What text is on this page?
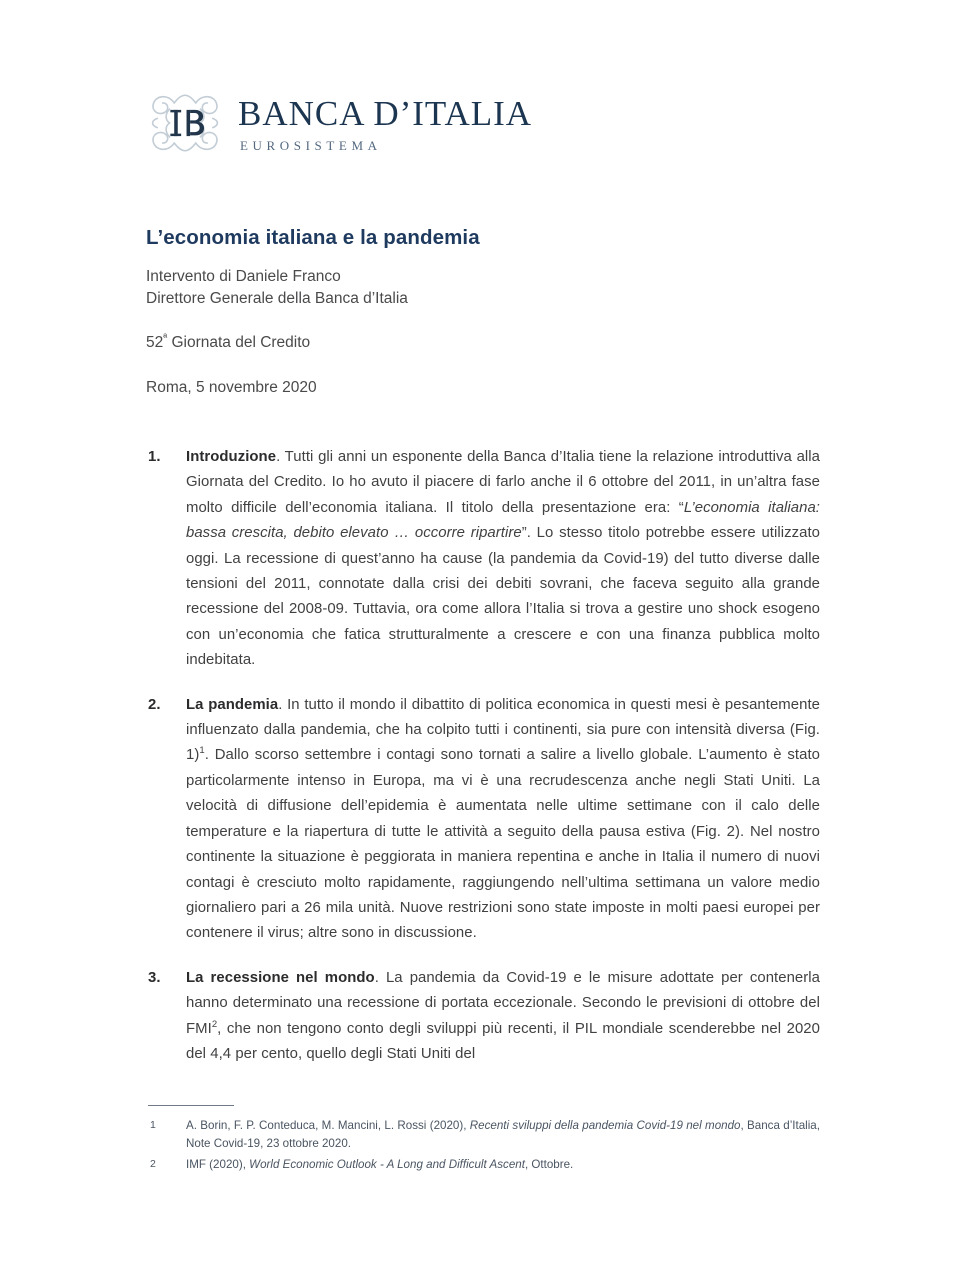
BANCA D’ITALIA
EUROSISTEMA
L’economia italiana e la pandemia
Intervento di Daniele Franco
Direttore Generale della Banca d’Italia
$52^ª$ Giornata del Credito
Roma, 5 novembre 2020

1. Introduzione. Tutti gli anni un esponente della Banca d’Italia tiene la relazione introduttiva alla Giornata del Credito. Io ho avuto il piacere di farlo anche il 6 ottobre del 2011, in un’altra fase molto difficile dell’economia italiana. Il titolo della presentazione era: “L’economia italiana: bassa crescita, debito elevato … occorre ripartire”. Lo stesso titolo potrebbe essere utilizzato oggi. La recessione di quest’anno ha cause (la pandemia da Covid-19) del tutto diverse dalle tensioni del 2011, connotate dalla crisi dei debiti sovrani, che faceva seguito alla grande recessione del 2008-09. Tuttavia, ora come allora l’Italia si trova a gestire uno shock esogeno con un’economia che fatica strutturalmente a crescere e con una finanza pubblica molto indebitata.

2. La pandemia. In tutto il mondo il dibattito di politica economica in questi mesi è pesantemente influenzato dalla pandemia, che ha colpito tutti i continenti, sia pure con intensità diversa (Fig. 1)$^1$. Dallo scorso settembre i contagi sono tornati a salire a livello globale. L’aumento è stato particolarmente intenso in Europa, ma vi è una recrudescenza anche negli Stati Uniti. La velocità di diffusione dell’epidemia è aumentata nelle ultime settimane con il calo delle temperature e la riapertura di tutte le attività a seguito della pausa estiva (Fig. 2). Nel nostro continente la situazione è peggiorata in maniera repentina e anche in Italia il numero di nuovi contagi è cresciuto molto rapidamente, raggiungendo nell’ultima settimana un valore medio giornaliero pari a 26 mila unità. Nuove restrizioni sono state imposte in molti paesi europei per contenere il virus; altre sono in discussione.

3. La recessione nel mondo. La pandemia da Covid-19 e le misure adottate per contenerla hanno determinato una recessione di portata eccezionale. Secondo le previsioni di ottobre del FMI$^2$, che non tengono conto degli sviluppi più recenti, il PIL mondiale scenderebbe nel 2020 del 4,4 per cento, quello degli Stati Uniti del

1	A. Borin, F. P. Conteduca, M. Mancini, L. Rossi (2020), Recenti sviluppi della pandemia Covid-19 nel mondo, Banca d’Italia, Note Covid-19, 23 ottobre 2020.
2	IMF (2020), World Economic Outlook - A Long and Difficult Ascent, Ottobre.
